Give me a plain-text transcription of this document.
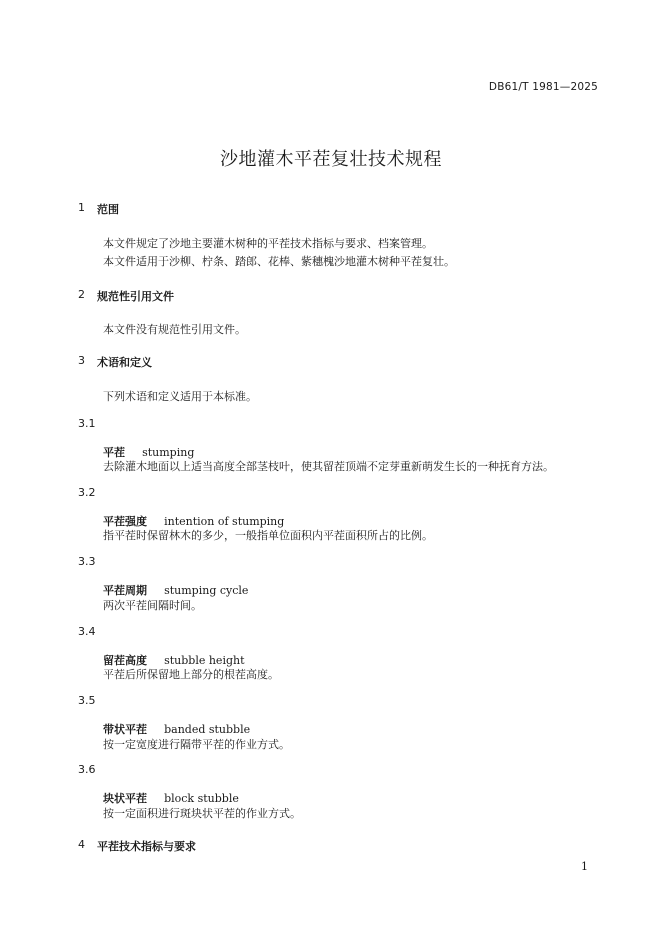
DB61/T 1981—2025
沙地灌木平茬复壮技术规程
1 范围
本文件规定了沙地主要灌木树种的平茬技术指标与要求、档案管理。
本文件适用于沙柳、柠条、踏郎、花棒、紫穗槐沙地灌木树种平茬复壮。
2 规范性引用文件
本文件没有规范性引用文件。
3 术语和定义
下列术语和定义适用于本标准。
3.1
平茬 stumping
去除灌木地面以上适当高度全部茎枝叶，使其留茬顶端不定芽重新萌发生长的一种抚育方法。
3.2
平茬强度 intention of stumping
指平茬时保留林木的多少，一般指单位面积内平茬面积所占的比例。
3.3
平茬周期 stumping cycle
两次平茬间隔时间。
3.4
留茬高度 stubble height
平茬后所保留地上部分的根茬高度。
3.5
带状平茬 banded stubble
按一定宽度进行隔带平茬的作业方式。
3.6
块状平茬 block stubble
按一定面积进行斑块状平茬的作业方式。
4 平茬技术指标与要求
1
